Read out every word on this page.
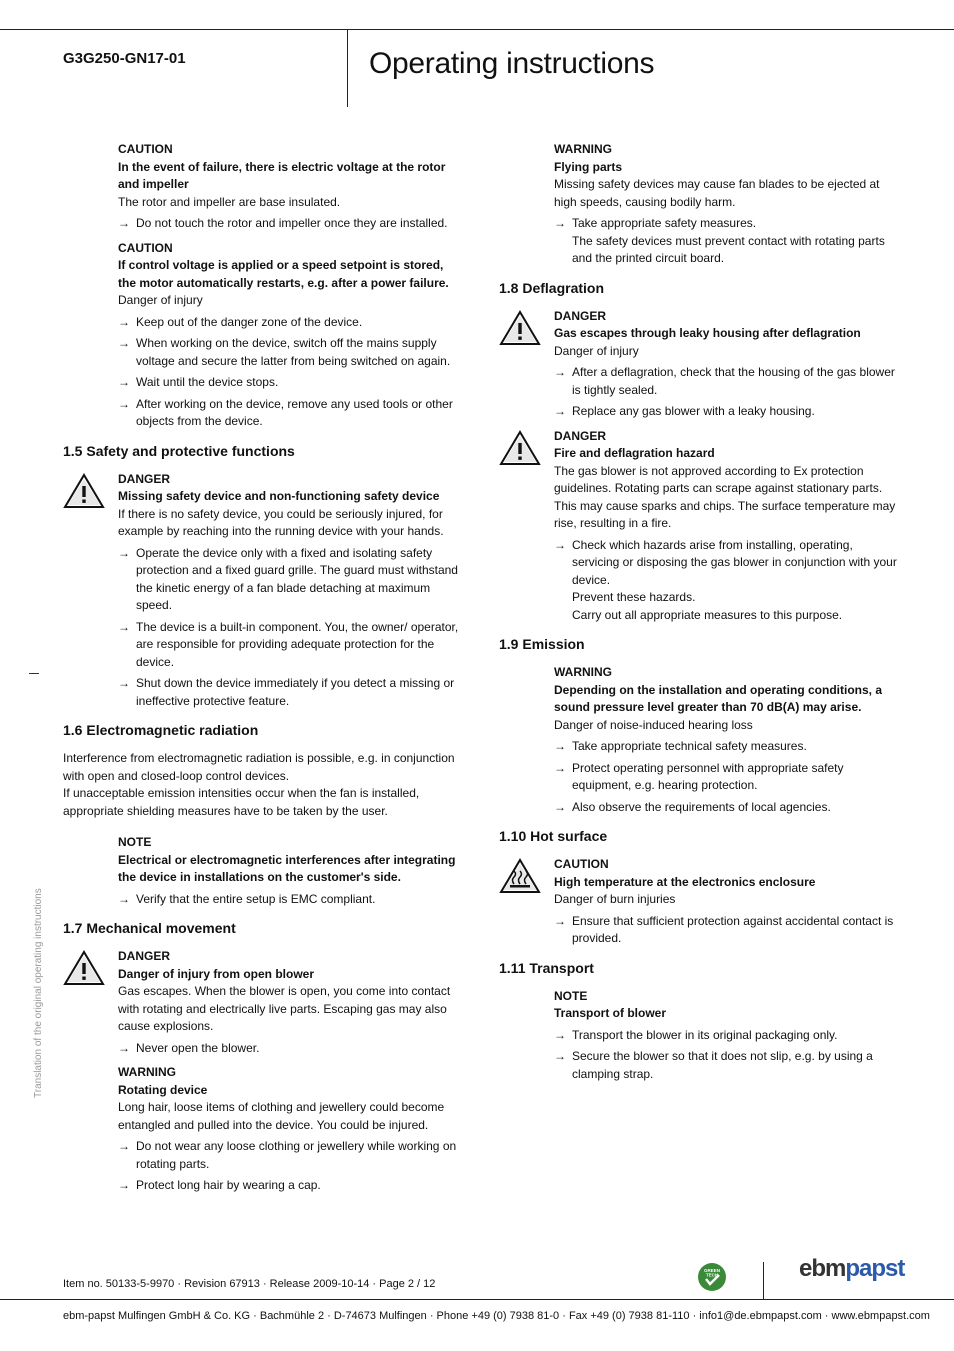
G3G250-GN17-01	Operating instructions
Translation of the original operating instructions
CAUTION
In the event of failure, there is electric voltage at the rotor and impeller
The rotor and impeller are base insulated.
→ Do not touch the rotor and impeller once they are installed.
CAUTION
If control voltage is applied or a speed setpoint is stored, the motor automatically restarts, e.g. after a power failure.
Danger of injury
→ Keep out of the danger zone of the device.
→ When working on the device, switch off the mains supply voltage and secure the latter from being switched on again.
→ Wait until the device stops.
→ After working on the device, remove any used tools or other objects from the device.
1.5 Safety and protective functions
DANGER
Missing safety device and non-functioning safety device
If there is no safety device, you could be seriously injured, for example by reaching into the running device with your hands.
→ Operate the device only with a fixed and isolating safety protection and a fixed guard grille. The guard must withstand the kinetic energy of a fan blade detaching at maximum speed.
→ The device is a built-in component. You, the owner/ operator, are responsible for providing adequate protection for the device.
→ Shut down the device immediately if you detect a missing or ineffective protective feature.
1.6 Electromagnetic radiation
Interference from electromagnetic radiation is possible, e.g. in conjunction with open and closed-loop control devices.
If unacceptable emission intensities occur when the fan is installed, appropriate shielding measures have to be taken by the user.
NOTE
Electrical or electromagnetic interferences after integrating the device in installations on the customer's side.
→ Verify that the entire setup is EMC compliant.
1.7 Mechanical movement
DANGER
Danger of injury from open blower
Gas escapes. When the blower is open, you come into contact with rotating and electrically live parts. Escaping gas may also cause explosions.
→ Never open the blower.
WARNING
Rotating device
Long hair, loose items of clothing and jewellery could become entangled and pulled into the device. You could be injured.
→ Do not wear any loose clothing or jewellery while working on rotating parts.
→ Protect long hair by wearing a cap.
WARNING
Flying parts
Missing safety devices may cause fan blades to be ejected at high speeds, causing bodily harm.
→ Take appropriate safety measures.
The safety devices must prevent contact with rotating parts and the printed circuit board.
1.8 Deflagration
DANGER
Gas escapes through leaky housing after deflagration
Danger of injury
→ After a deflagration, check that the housing of the gas blower is tightly sealed.
→ Replace any gas blower with a leaky housing.
DANGER
Fire and deflagration hazard
The gas blower is not approved according to Ex protection guidelines. Rotating parts can scrape against stationary parts. This may cause sparks and chips. The surface temperature may rise, resulting in a fire.
→ Check which hazards arise from installing, operating, servicing or disposing the gas blower in conjunction with your device.
Prevent these hazards.
Carry out all appropriate measures to this purpose.
1.9 Emission
WARNING
Depending on the installation and operating conditions, a sound pressure level greater than 70 dB(A) may arise.
Danger of noise-induced hearing loss
→ Take appropriate technical safety measures.
→ Protect operating personnel with appropriate safety equipment, e.g. hearing protection.
→ Also observe the requirements of local agencies.
1.10 Hot surface
CAUTION
High temperature at the electronics enclosure
Danger of burn injuries
→ Ensure that sufficient protection against accidental contact is provided.
1.11 Transport
NOTE
Transport of blower
→ Transport the blower in its original packaging only.
→ Secure the blower so that it does not slip, e.g. by using a clamping strap.
Item no. 50133-5-9970 · Revision 67913 · Release 2009-10-14 · Page 2 / 12
GREEN
TECH	ebmpapst
ebm-papst Mulfingen GmbH & Co. KG · Bachmühle 2 · D-74673 Mulfingen · Phone +49 (0) 7938 81-0 · Fax +49 (0) 7938 81-110 · info1@de.ebmpapst.com · www.ebmpapst.com
